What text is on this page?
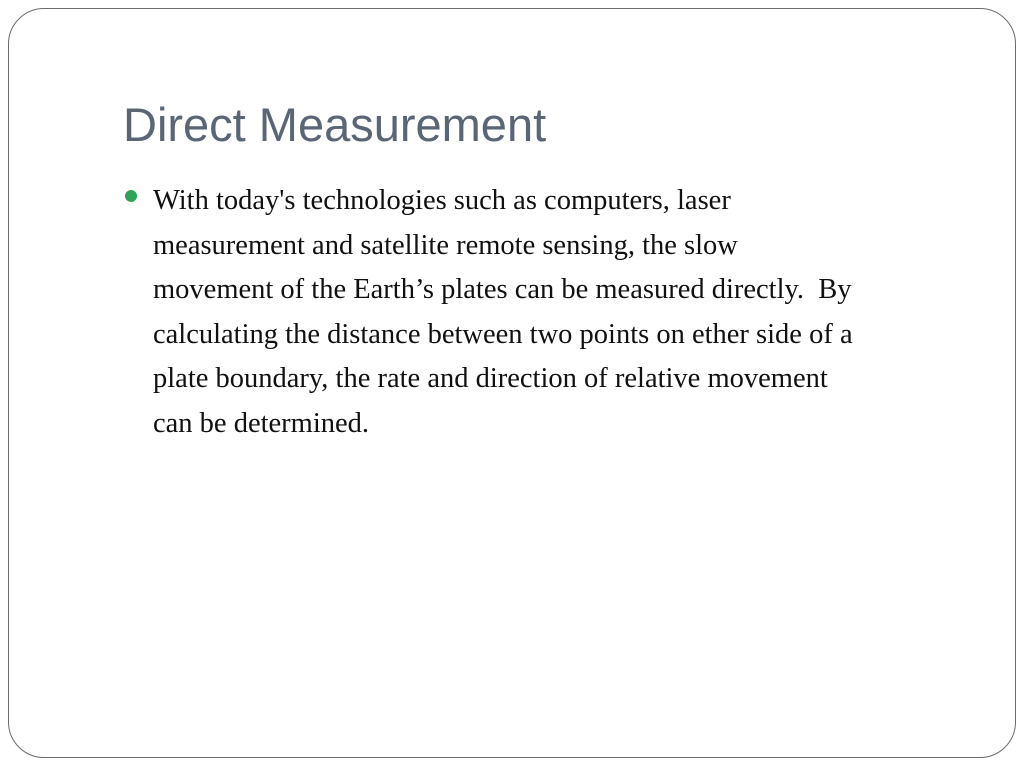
Direct Measurement
With today's technologies such as computers, laser
measurement and satellite remote sensing, the slow
movement of the Earth’s plates can be measured directly.  By
calculating the distance between two points on ether side of a
plate boundary, the rate and direction of relative movement
can be determined.
